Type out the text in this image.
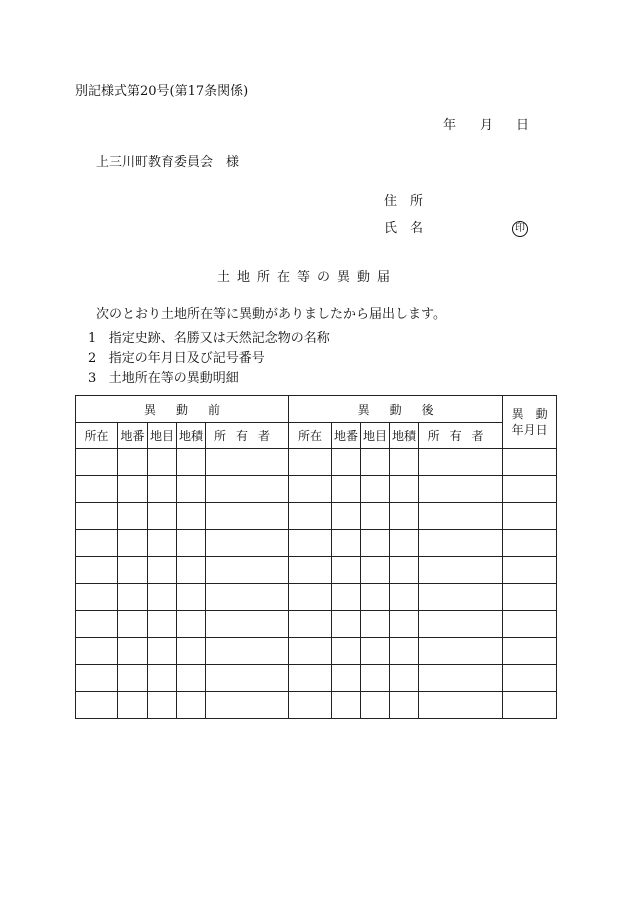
別記様式第20号(第17条関係)
年 月 日
上三川町教育委員会　様
住　所
氏　名	印
土地所在等の異動届
次のとおり土地所在等に異動がありましたから届出します。
1 指定史跡、名勝又は天然記念物の名称
2 指定の年月日及び記号番号
3 土地所在等の異動明細
異動前					異動後					異　動
年月日

所在	地番	地目	地積	所有者	所在	地番	地目	地積	所有者	
